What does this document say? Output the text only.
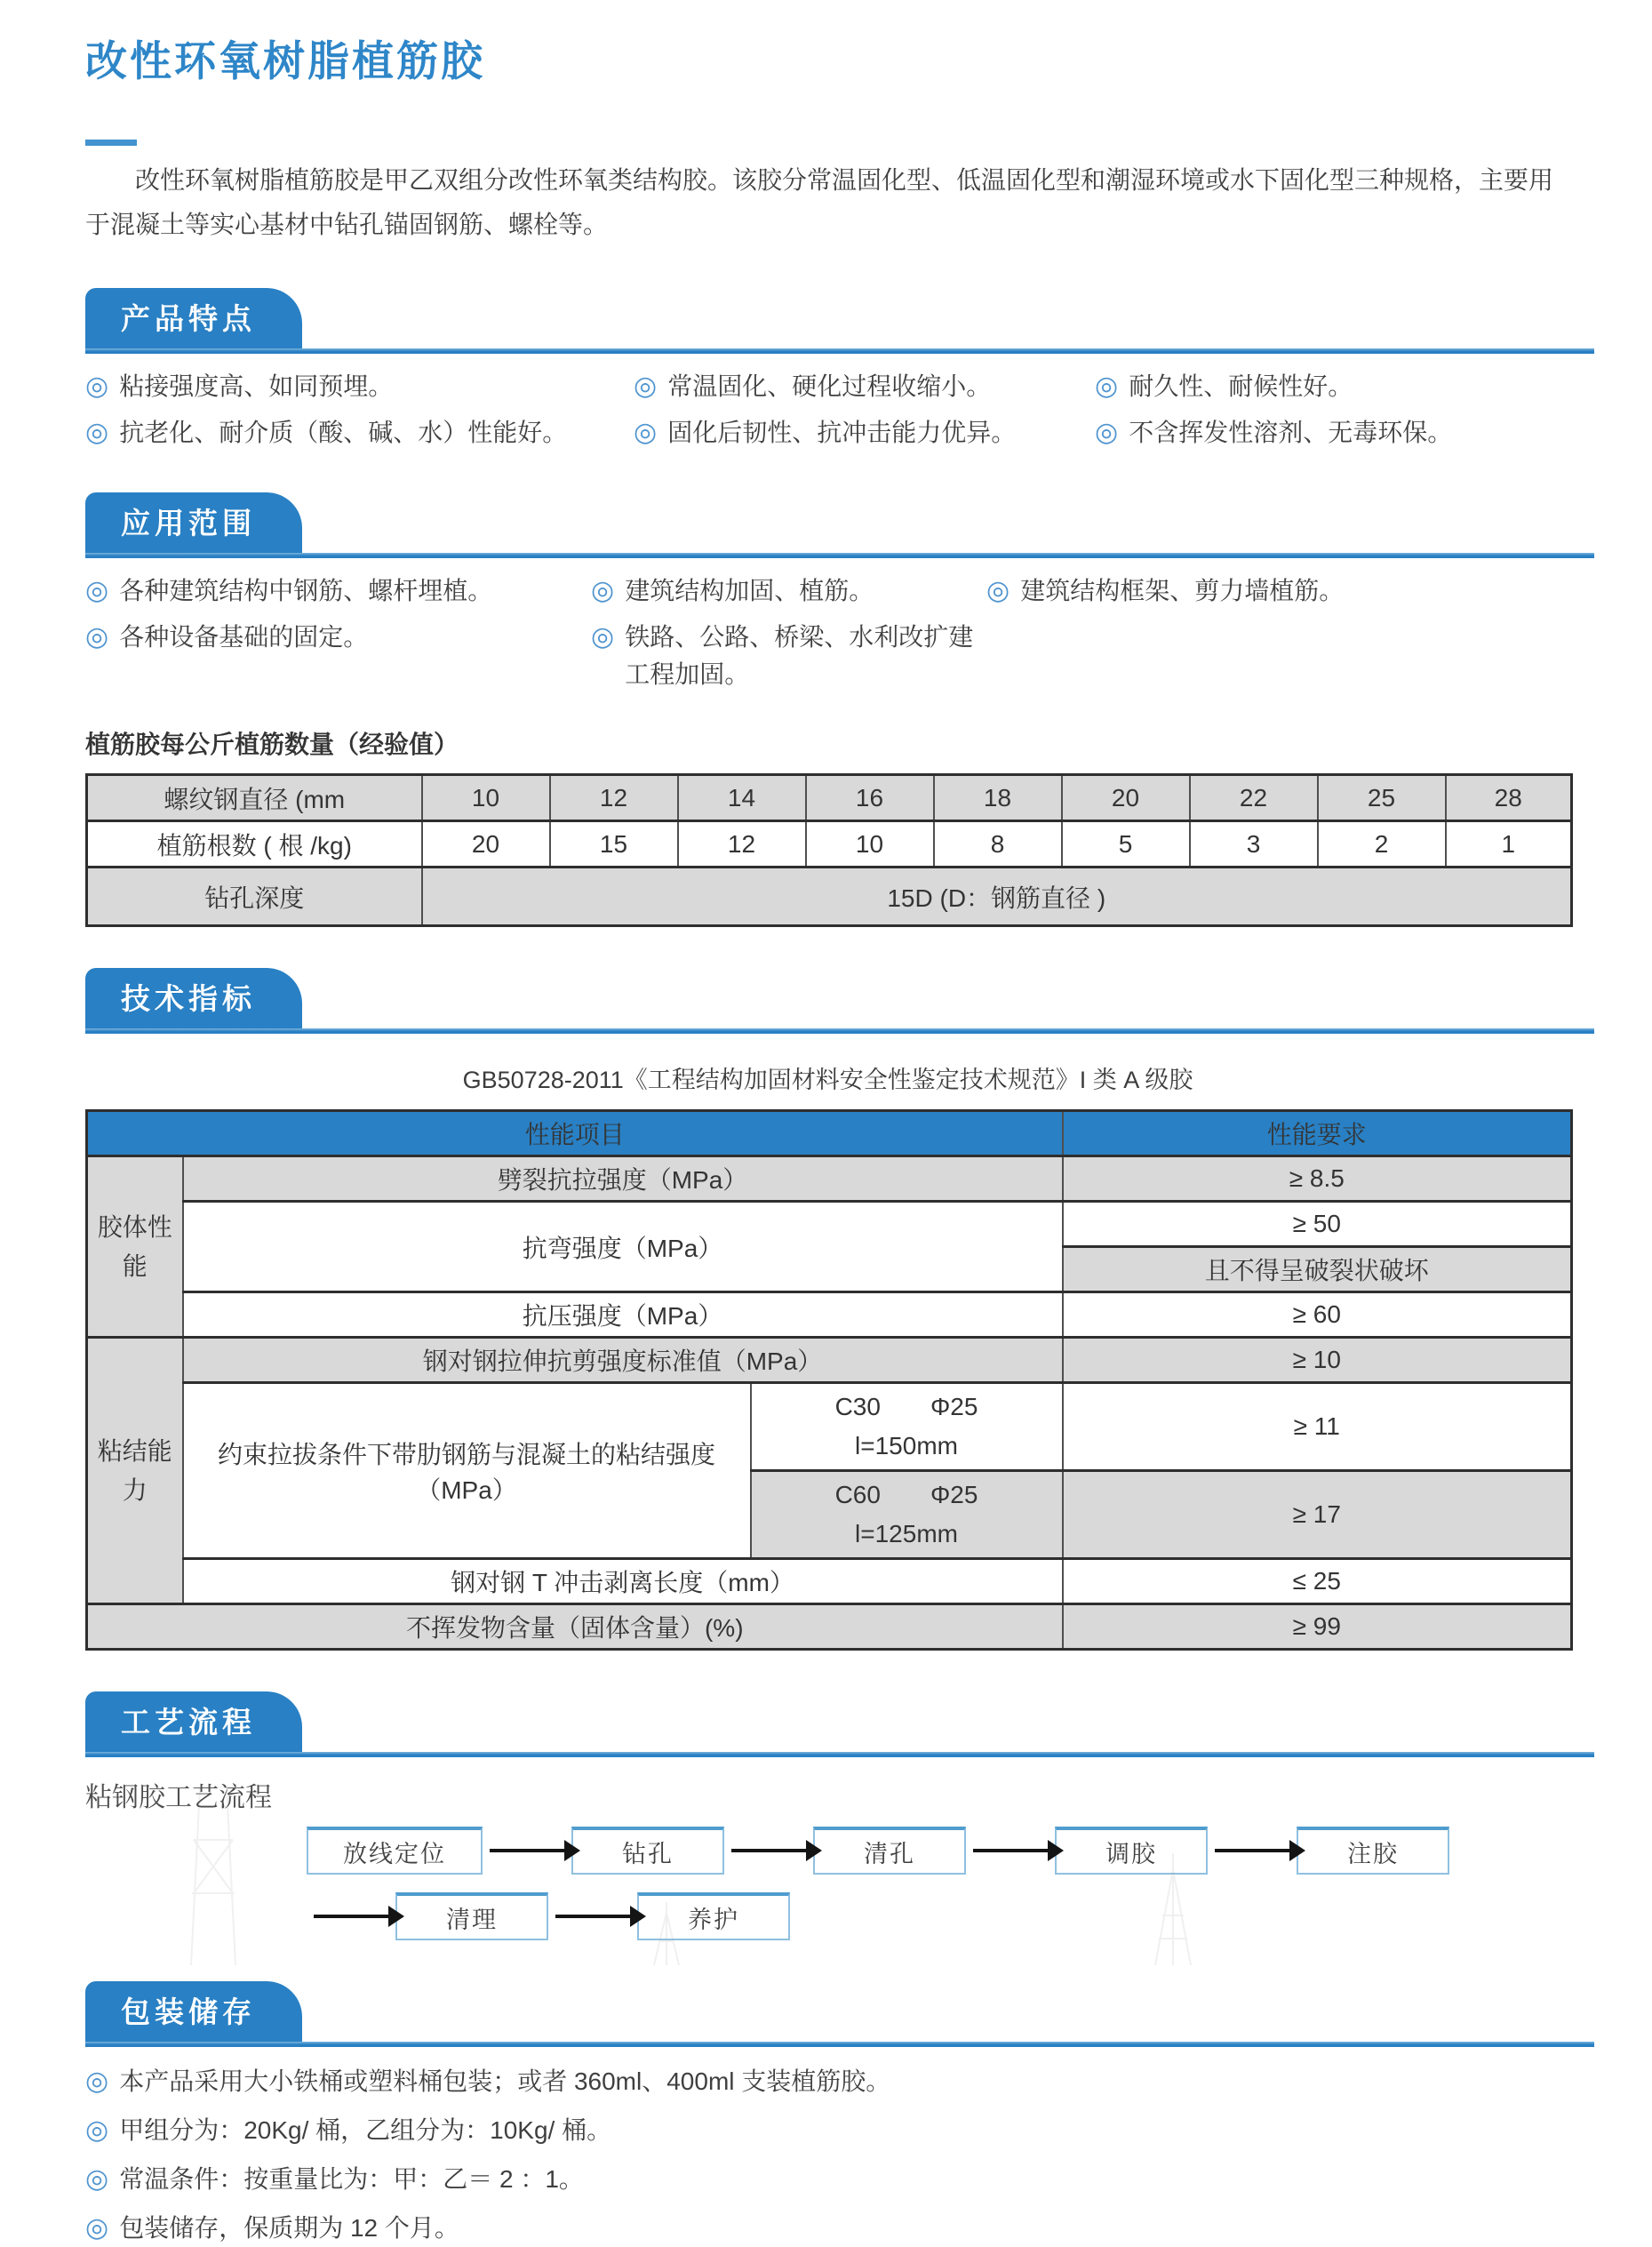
改性环氧树脂植筋胶

改性环氧树脂植筋胶是甲乙双组分改性环氧类结构胶。该胶分常温固化型、低温固化型和潮湿环境或水下固化型三种规格，主要用于混凝土等实心基材中钻孔锚固钢筋、螺栓等。

产品特点
◎ 粘接强度高、如同预埋。	◎ 常温固化、硬化过程收缩小。	◎ 耐久性、耐候性好。
◎ 抗老化、耐介质（酸、碱、水）性能好。 ◎ 固化后韧性、抗冲击能力优异。	◎ 不含挥发性溶剂、无毒环保。
应用范围
◎ 各种建筑结构中钢筋、螺杆埋植。	◎ 建筑结构加固、植筋。	◎ 建筑结构框架、剪力墙植筋。
◎ 各种设备基础的固定。	◎ 铁路、公路、桥梁、水利改扩建工程加固。
植筋胶每公斤植筋数量（经验值）
螺纹钢直径 (mm	10	12	14	16	18	20	22	25	28
植筋根数 ( 根 /kg)	20	15	12	10	8	5	3	2	1
钻孔深度	15D (D：钢筋直径 )								
技术指标
GB50728-2011《工程结构加固材料安全性鉴定技术规范》I 类 A 级胶
性能项目			性能要求
胶体性能	劈裂抗拉强度（MPa）		≥ 8.5
	抗弯强度（MPa）		≥ 50
			且不得呈破裂状破坏
	抗压强度（MPa）		≥ 60
粘结能力	钢对钢拉伸抗剪强度标准值（MPa）		≥ 10
	约束拉拔条件下带肋钢筋与混凝土的粘结强度（MPa）	C30　　Φ25
l=150mm	≥ 11

		C60　　Φ25
l=125mm	≥ 17
	钢对钢 T 冲击剥离长度（mm）		≤ 25
不挥发物含量（固体含量）(%)			≥ 99
工艺流程
粘钢胶工艺流程
放线定位	钻孔	清孔	调胶	注胶
清理	养护
包装储存
◎ 本产品采用大小铁桶或塑料桶包装；或者 360ml、400ml 支装植筋胶。
◎ 甲组分为：20Kg/ 桶，乙组分为：10Kg/ 桶。
◎ 常温条件：按重量比为：甲：乙＝ 2 ：1。
◎ 包装储存，保质期为 12 个月。
